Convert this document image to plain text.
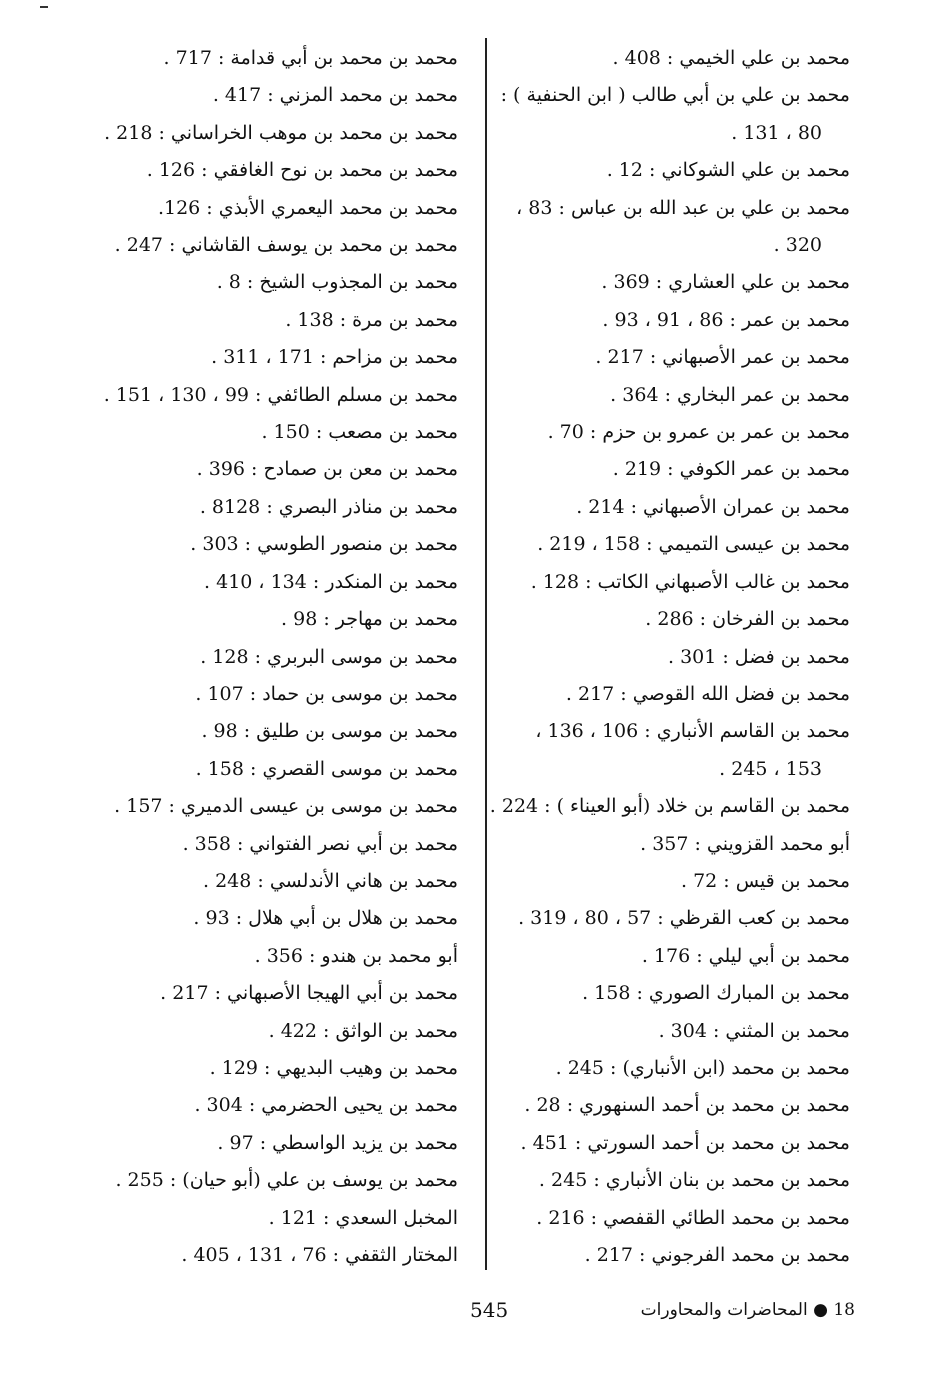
محمد بن علي الخيمي : 408 .
محمد بن علي بن أبي طالب ( ابن الحنفية ) : 80 ، 131 .
محمد بن علي الشوكاني : 12 .
محمد بن علي بن عبد الله بن عباس : 83 ، 320 .
محمد بن علي العشاري : 369 .
محمد بن عمر : 86 ، 91 ، 93 .
محمد بن عمر الأصبهاني : 217 .
محمد بن عمر البخاري : 364 .
محمد بن عمر بن عمرو بن حزم : 70 .
محمد بن عمر الكوفي : 219 .
محمد بن عمران الأصبهاني : 214 .
محمد بن عيسى التميمي : 158 ، 219 .
محمد بن غالب الأصبهاني الكاتب : 128 .
محمد بن الفرخان : 286 .
محمد بن فضل : 301 .
محمد بن فضل الله القوصي : 217 .
محمد بن القاسم الأنباري : 106 ، 136 ، 153 ، 245 .
محمد بن القاسم بن خلاد (أبو العيناء ) : 224 .
أبو محمد القزويني : 357 .
محمد بن قيس : 72 .
محمد بن كعب القرظي : 57 ، 80 ، 319 .
محمد بن أبي ليلي : 176 .
محمد بن المبارك الصوري : 158 .
محمد بن المثني : 304 .
محمد بن محمد (ابن الأنباري) : 245 .
محمد بن محمد بن أحمد السنهوري : 28 .
محمد بن محمد بن أحمد السورتي : 451 .
محمد بن محمد بن بنان الأنباري : 245 .
محمد بن محمد الطائي القفصي : 216 .
محمد بن محمد الفرجوني : 217 .
محمد بن محمد بن أبي قدامة : 717 .
محمد بن محمد المزني : 417 .
محمد بن محمد بن موهب الخراساني : 218 .
محمد بن محمد بن نوح الغافقي : 126 .
محمد بن محمد اليعمري الأبذي : 126.
محمد بن محمد بن يوسف القاشاني : 247 .
محمد بن المجذوب الشيخ : 8 .
محمد بن مرة : 138 .
محمد بن مزاحم : 171 ، 311 .
محمد بن مسلم الطائفي : 99 ، 130 ، 151 .
محمد بن مصعب : 150 .
محمد بن معن بن صمادح : 396 .
محمد بن مناذر البصري : 8128 .
محمد بن منصور الطوسي : 303 .
محمد بن المنكدر : 134 ، 410 .
محمد بن مهاجر : 98 .
محمد بن موسى البربري : 128 .
محمد بن موسى بن حماد : 107 .
محمد بن موسى بن طليق : 98 .
محمد بن موسى القصري : 158 .
محمد بن موسى بن عيسى الدميري : 157 .
محمد بن أبي نصر الفتواني : 358 .
محمد بن هاني الأندلسي : 248 .
محمد بن هلال بن أبي هلال : 93 .
أبو محمد بن هندو : 356 .
محمد بن أبي الهيجا الأصبهاني : 217 .
محمد بن الواثق : 422 .
محمد بن وهيب البديهي : 129 .
محمد بن يحيى الحضرمي : 304 .
محمد بن يزيد الواسطي : 97 .
محمد بن يوسف بن علي (أبو حيان) : 255 .
المخبل السعدي : 121 .
المختار الثقفي : 76 ، 131 ، 405 .
545	18 ● المحاضرات والمحاورات
